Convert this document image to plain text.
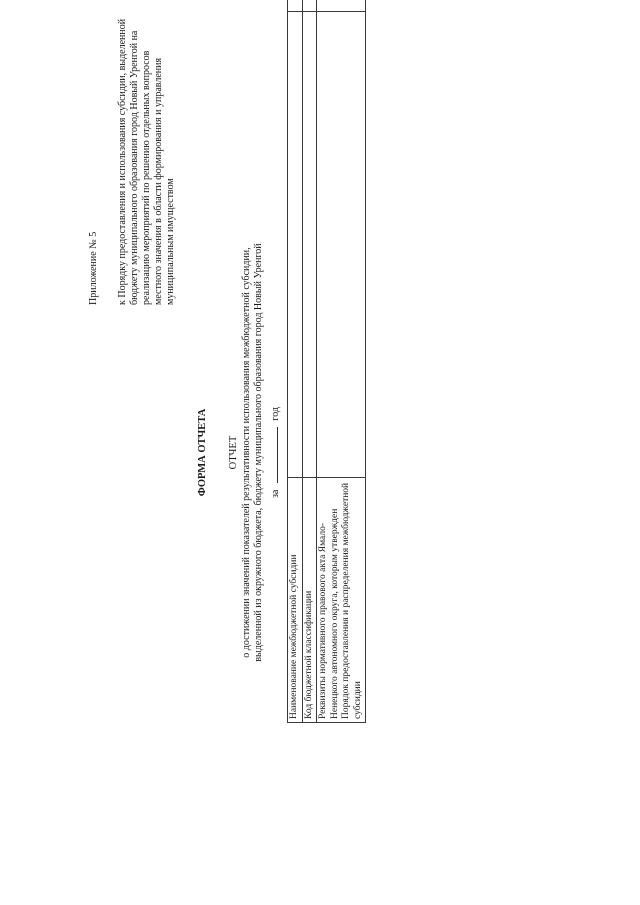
Приложение № 5 к Порядку предоставления и использования субсидии, выделенной бюджету муниципального образования город Новый Уренгой на реализацию мероприятий по решению отдельных вопросов местного значения в области формирования и управления муниципальным имуществом

ФОРМА ОТЧЕТА ОТЧЕТ о достижении значений показателей результативности использования межбюджетной субсидии, выделенной из окружного бюджета, бюджету муниципального образования город Новый Уренгой за  год

Наименование межбюджетной субсидии		
Код бюджетной классификации		
Реквизиты нормативного правового акта Ямало-Ненецкого автономного округа, которым утвержден Порядок предоставления и распределения межбюджетной субсидии		
